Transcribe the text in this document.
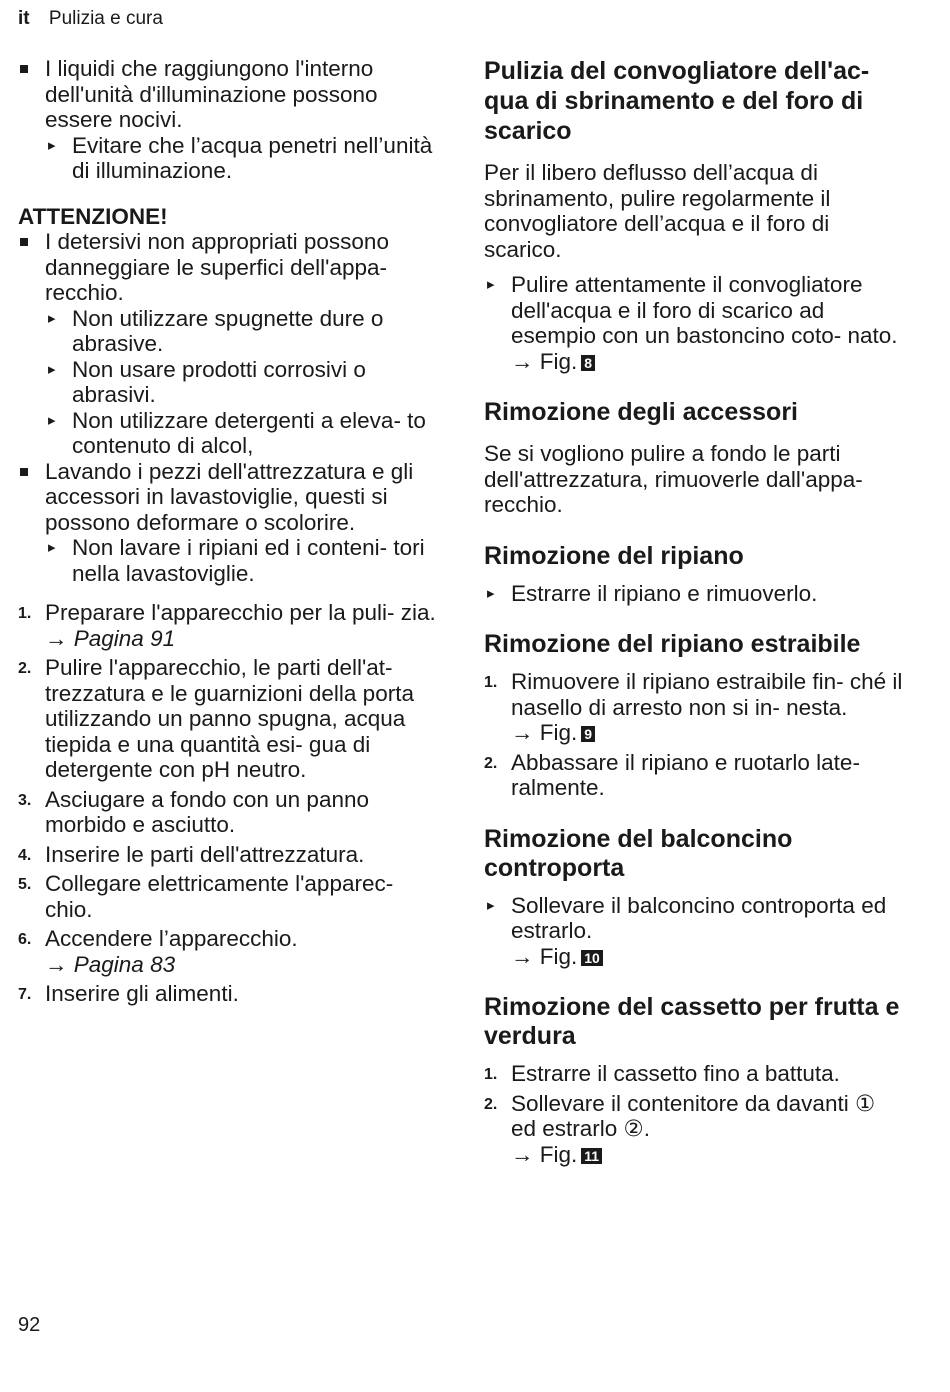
it Pulizia e cura
I liquidi che raggiungono l'interno dell'unità d'illuminazione possono essere nocivi.
▸ Evitare che l’acqua penetri nell’unità di illuminazione.
ATTENZIONE!
I detersivi non appropriati possono danneggiare le superfici dell'appa- recchio.
▸ Non utilizzare spugnette dure o abrasive.
▸ Non usare prodotti corrosivi o abrasivi.
▸ Non utilizzare detergenti a eleva- to contenuto di alcol,
Lavando i pezzi dell'attrezzatura e gli accessori in lavastoviglie, questi si possono deformare o scolorire.
▸ Non lavare i ripiani ed i conteni- tori nella lavastoviglie.
1. Preparare l'apparecchio per la puli- zia. → Pagina 91
2. Pulire l'apparecchio, le parti dell'at- trezzatura e le guarnizioni della porta utilizzando un panno spugna, acqua tiepida e una quantità esi- gua di detergente con pH neutro.
3. Asciugare a fondo con un panno morbido e asciutto.
4. Inserire le parti dell'attrezzatura.
5. Collegare elettricamente l'apparec- chio.
6. Accendere l’apparecchio.
→ Pagina 83
7. Inserire gli alimenti.
Pulizia del convogliatore dell'ac- qua di sbrinamento e del foro di scarico
Per il libero deflusso dell’acqua di sbrinamento, pulire regolarmente il convogliatore dell’acqua e il foro di scarico.
▸ Pulire attentamente il convogliatore dell'acqua e il foro di scarico ad esempio con un bastoncino coto- nato.
→ Fig. 8
Rimozione degli accessori
Se si vogliono pulire a fondo le parti dell'attrezzatura, rimuoverle dall'appa- recchio.
Rimozione del ripiano
▸ Estrarre il ripiano e rimuoverlo.
Rimozione del ripiano estraibile
1. Rimuovere il ripiano estraibile fin- ché il nasello di arresto non si in- nesta.
→ Fig. 9
2. Abbassare il ripiano e ruotarlo late- ralmente.
Rimozione del balconcino controporta
▸ Sollevare il balconcino controporta ed estrarlo.
→ Fig. 10
Rimozione del cassetto per frutta e verdura
1. Estrarre il cassetto fino a battuta.
2. Sollevare il contenitore da davanti ① ed estrarlo ②.
→ Fig. 11
92
